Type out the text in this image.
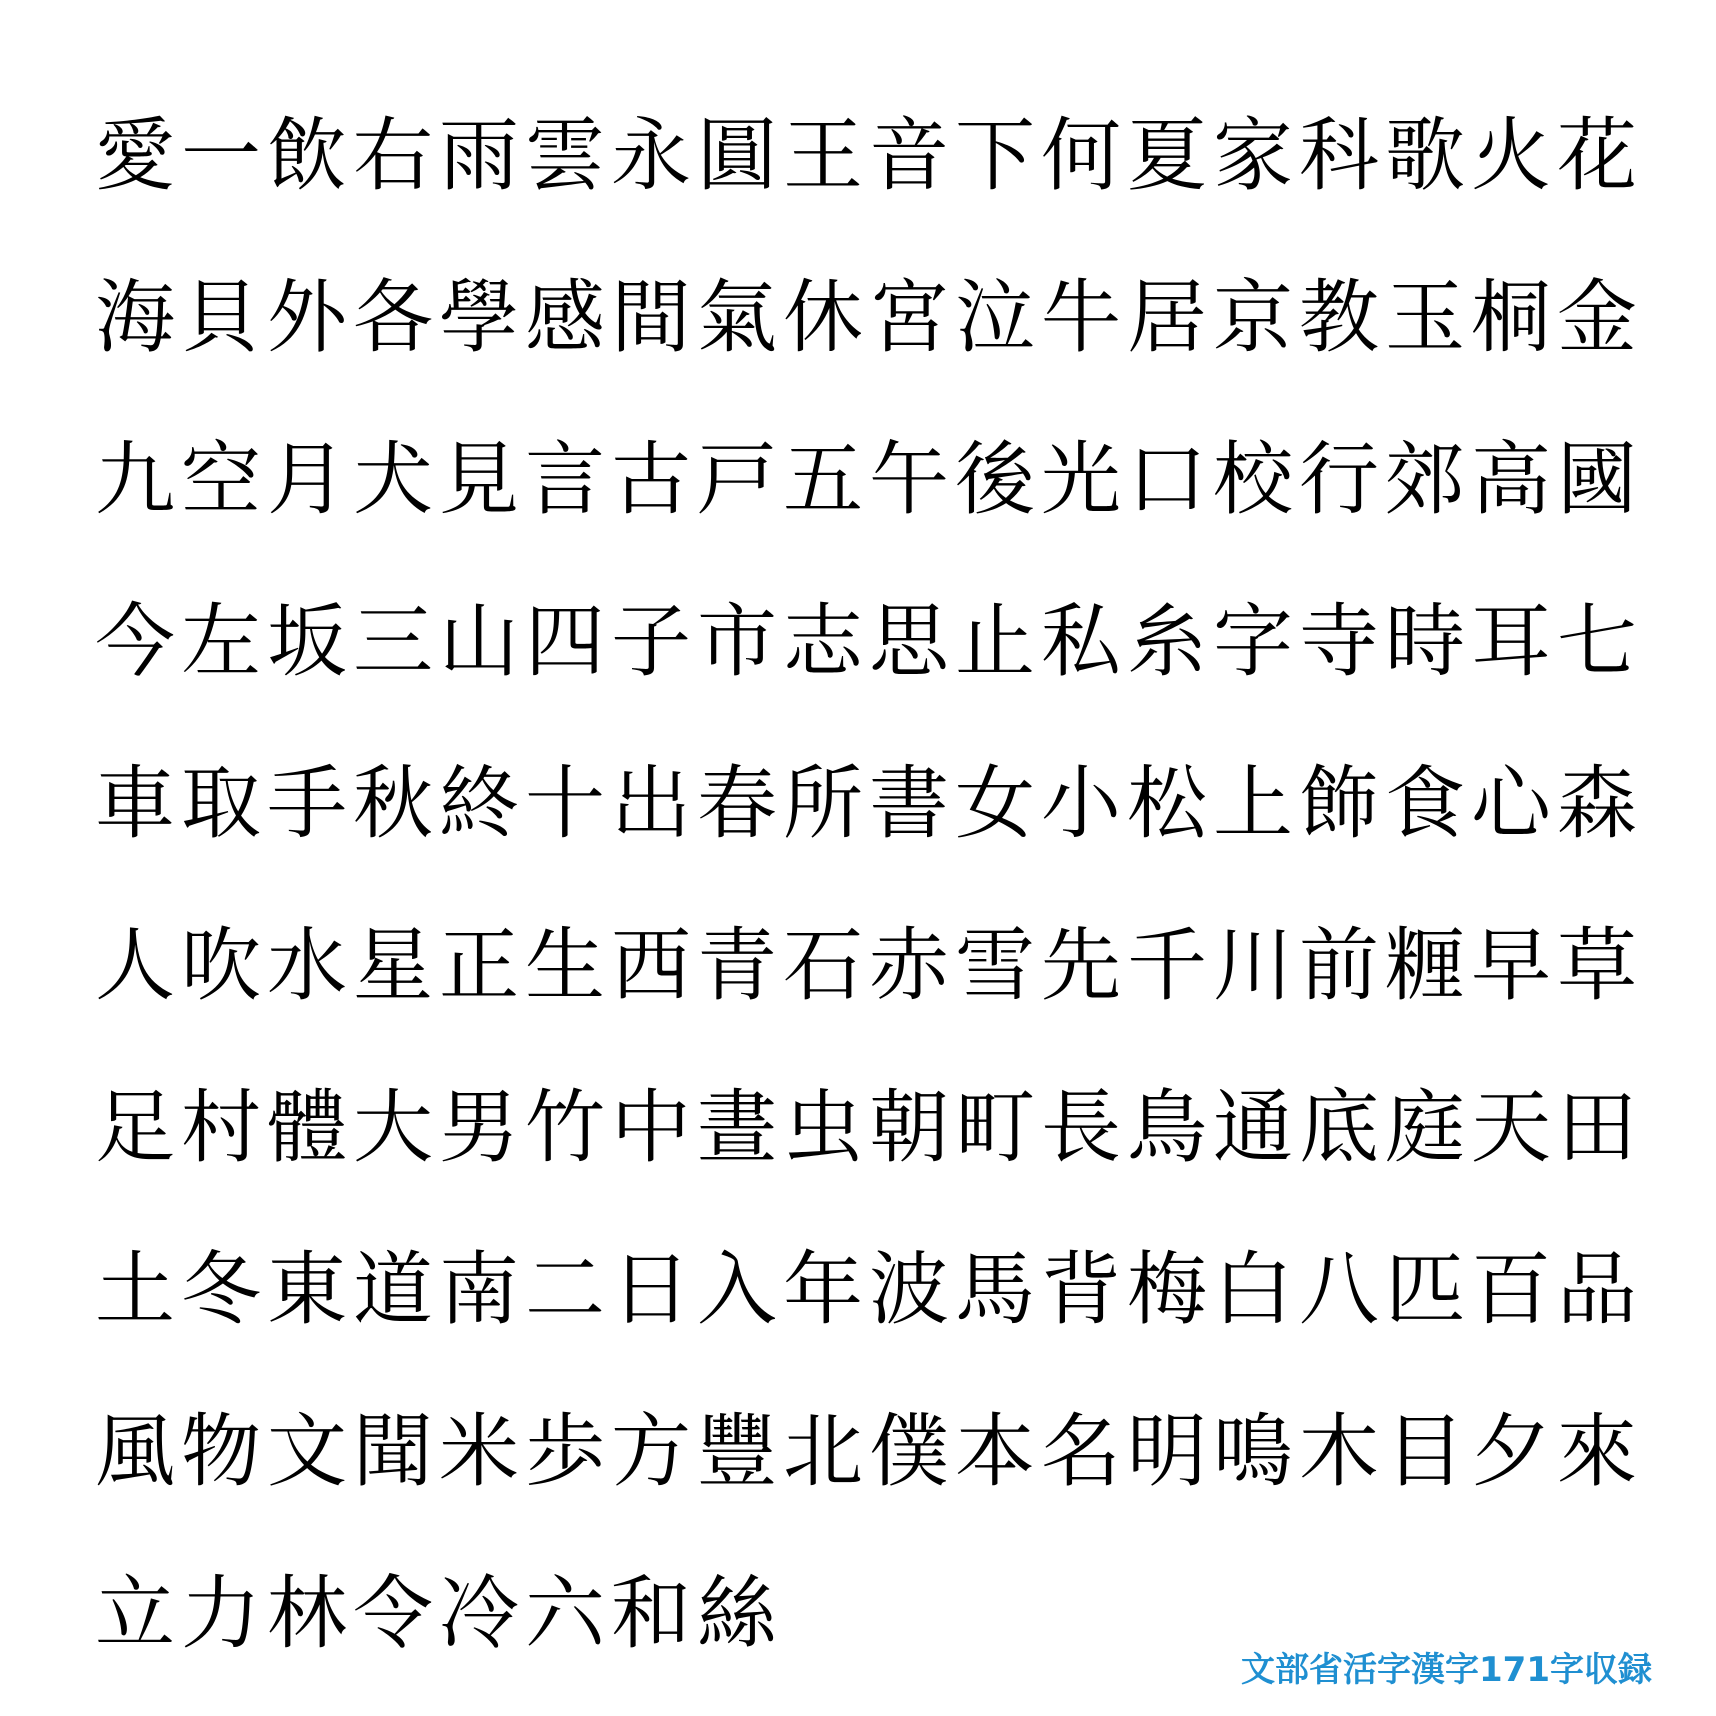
愛 一 飲 右 雨 雲 永 圓 王 音 下 何 夏 家 科 歌 火 花
海 貝 外 各 學 感 間 氣 休 宮 泣 牛 居 京 教 玉 桐 金
九 空 月 犬 見 言 古 戸 五 午 後 光 口 校 行 郊 高 國
今 左 坂 三 山 四 子 市 志 思 止 私 糸 字 寺 時 耳 七
車 取 手 秋 終 十 出 春 所 書 女 小 松 上 飾 食 心 森
人 吹 水 星 正 生 西 青 石 赤 雪 先 千 川 前 糎 早 草
足 村 體 大 男 竹 中 晝 虫 朝 町 長 鳥 通 底 庭 天 田
土 冬 東 道 南 二 日 入 年 波 馬 背 梅 白 八 匹 百 品
風 物 文 聞 米 歩 方 豐 北 僕 本 名 明 鳴 木 目 夕 來
立 力 林 令 冷 六 和 絲
文部省活字漢字171字収録
